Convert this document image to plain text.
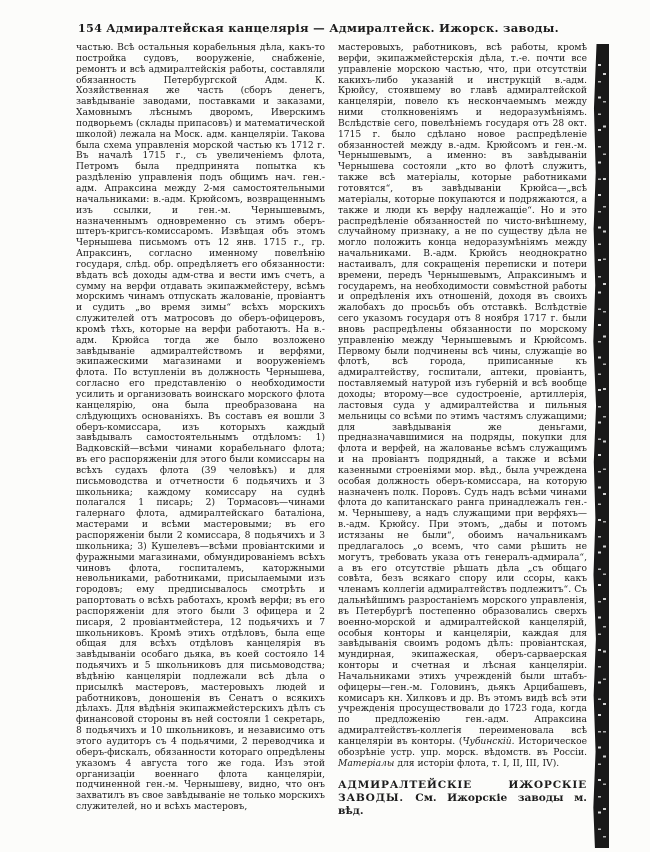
154 Адмиралтейская канцелярія — Адмиралтейск. Ижорск. заводы.

частью. Всѣ остальныя корабельныя дѣла, какъ-то постройка судовъ, вооруженіе, снабженіе, ремонтъ и всѣ адмиралтейскія работы, составляли обязанность Петербургской Адм. К. Хозяйственная же часть (сборъ денегъ, завѣдываніе заводами, поставками и заказами, Хамовнымъ лѣснымъ дворомъ, Иверскимъ подворьемъ (склады припасовъ) и математической школой) лежала на Моск. адм. канцеляріи. Такова была схема управленія морской частью къ 1712 г. Въ началѣ 1715 г., съ увеличеніемъ флота, Петромъ была предпринята попытка къ раздѣленію управленія подъ общимъ нач. ген.-адм. Апраксина между 2-мя самостоятельными начальниками: в.-адм. Крюйсомъ, возвращеннымъ изъ ссылки, и ген.-м. Чернышевымъ, назначеннымъ одновременно съ этимъ оберъ-штеръ-кригсъ-комиссаромъ. Извѣщая объ этомъ Чернышева письмомъ отъ 12 янв. 1715 г., гр. Апраксинъ, согласно именному повелѣнію государя, слѣд. обр. опредѣляетъ его обязанности: вѣдать всѣ доходы адм-ства и вести имъ счетъ, а сумму на верфи отдавать экипажмейстеру, всѣмъ морскимъ чинамъ отпускать жалованіе, провіантъ и судить „во время зимы“ всѣхъ морскихъ служителей отъ матросовъ до оберъ-офицеровъ, кромѣ тѣхъ, которые на верфи работаютъ. На в.-адм. Крюйса тогда же было возложено завѣдываніе адмиралтействомъ и верфями, экипажескими магазинами и вооруженіемъ флота. По вступленіи въ должность Чернышева, согласно его представленію о необходимости усилить и организовать воинскаго морского флота канцелярію, она была преобразована на слѣдующихъ основаніяхъ. Въ составъ ея вошли 3 оберъ-комиссара, изъ которыхъ каждый завѣдывалъ самостоятельнымъ отдѣломъ: 1) Вадковскій—всѣми чинами корабельнаго флота; въ его распоряженіи для этого были комиссары на всѣхъ судахъ флота (39 человѣкъ) и для письмоводства и отчетности 6 подьячихъ и 3 школьника; каждому комиссару на суднѣ полагался 1 писарь; 2) Тормасовъ—чинами галернаго флота, адмиралтейскаго баталіона, мастерами и всѣми мастеровыми; въ его распоряженіи были 2 комиссара, 8 подьячихъ и 3 школьника; 3) Кушелевъ—всѣми провіантскими и фуражными магазинами, обмундированіемъ всѣхъ чиновъ флота, госпиталемъ, каторжными невольниками, работниками, присылаемыми изъ городовъ; ему предписывалось смотрѣть и рапортовать о всѣхъ работахъ, кромѣ верфи; въ его распоряженіи для этого были 3 офицера и 2 писаря, 2 провіантмейстера, 12 подьячихъ и 7 школьниковъ. Кромѣ этихъ отдѣловъ, была еще общая для всѣхъ отдѣловъ канцелярія въ завѣдываніи особаго дьяка, въ коей состояло 14 подьячихъ и 5 школьниковъ для письмоводства; вѣдѣнію канцеляріи подлежали всѣ дѣла о присылкѣ мастеровъ, мастеровыхъ людей и работниковъ, доношенія въ Сенатъ о всякихъ дѣлахъ. Для вѣдѣнія экипажмейстерскихъ дѣлъ съ финансовой стороны въ ней состояли 1 секретарь, 8 подьячихъ и 10 школьниковъ, и независимо отъ этого аудиторъ съ 4 подьячими, 2 переводчика и оберъ-фискалъ, обязанности котораго опредѣлены указомъ 4 августа того же года. Изъ этой организаціи военнаго флота канцеляріи, подчиненной ген.-м. Чернышеву, видно, что онъ захватилъ въ свое завѣдываніе не только морскихъ служителей, но и всѣхъ мастеровъ,

мастеровыхъ, работниковъ, всѣ работы, кромѣ верфи, экипажмейстерскія дѣла, т.-е. почти все управленіе морскою частью, что, при отсутствіи какихъ-либо указаній и инструкцій в.-адм. Крюйсу, стоявшему во главѣ адмиралтейской канцеляріи, повело къ нескончаемымъ между ними столкновеніямъ и недоразумѣніямъ. Вслѣдствіе сего, повелѣніемъ государя отъ 28 окт. 1715 г. было сдѣлано новое распредѣленіе обязанностей между в.-адм. Крюйсомъ и ген.-м. Чернышевымъ, а именно: въ завѣдываніи Чернышева состояли „кто во флотѣ служитъ, также всѣ матеріалы, которые работниками готовятся“, въ завѣдываніи Крюйса—„всѣ матеріалы, которые покупаются и подряжаются, а также и люди къ верфу надлежащіе“. Но и это распредѣленіе обязанностей по чисто-внѣшнему, случайному признаку, а не по существу дѣла не могло положить конца недоразумѣніямъ между начальниками. В.-адм. Крюйсъ неоднократно настаивалъ, для сокращенія переписки и потери времени, передъ Чернышевымъ, Апраксинымъ и государемъ, на необходимости совмѣстной работы и опредѣленія ихъ отношеній, доходя въ своихъ жалобахъ до просьбъ объ отставкѣ. Вслѣдствіе сего указомъ государя отъ 8 ноября 1717 г. были вновь распредѣлены обязанности по морскому управленію между Чернышевымъ и Крюйсомъ. Первому были подчинены всѣ чины, служащіе во флотѣ, всѣ города, приписанные къ адмиралтейству, госпитали, аптеки, провіантъ, поставляемый натурой изъ губерній и всѣ вообще доходы; второму—все судостроеніе, артиллерія, ластовыя суда у адмиралтейства и пильныя мельницы со всѣми по этимъ частямъ служащими; для завѣдыванія же деньгами, предназначавшимися на подряды, покупки для флота и верфей, на жалованье всѣмъ служащимъ и на провіантъ подрядный, а также и всѣми казенными строеніями мор. вѣд., была учреждена особая должность оберъ-комиссара, на которую назначенъ полк. Поровъ. Судъ надъ всѣми чинами флота до капитанскаго ранга принадлежалъ ген.-м. Чернышеву, а надъ служащими при верфяхъ—в.-адм. Крюйсу. При этомъ, „дабы и потомъ истязаны не были“, обоимъ начальникамъ предлагалось „о всемъ, что сами рѣшить не могутъ, требовать указа отъ генералъ-адмирала“, а въ его отсутствіе рѣшать дѣла „съ общаго совѣта, безъ всякаго спору или ссоры, какъ членамъ коллегіи адмиралтействъ подлежитъ“. Съ дальнѣйшимъ разростаніемъ морского управленія, въ Петербургѣ постепенно образовались сверхъ военно-морской и адмиралтейской канцелярій, особыя конторы и канцеляріи, каждая для завѣдыванія своимъ родомъ дѣлъ: провіантская, мундирная, экипажеская, оберъ-сарваерская конторы и счетная и лѣсная канцеляріи. Начальниками этихъ учрежденій были штабъ-офицеры—ген.-м. Головинъ, дьякъ Арцибашевъ, комисаръ кн. Хилковъ и др. Въ этомъ видѣ всѣ эти учрежденія просуществовали до 1723 года, когда по предложенію ген.-адм. Апраксина адмиралтействъ-коллегія переименовала всѣ канцеляріи въ конторы. (Чубинскій. Историческое обозрѣніе устр. упр. морск. вѣдомств. въ Россіи. Матеріалы для исторіи флота, т. I, II, III, IV).

АДМИРАЛТЕЙСКІЕ ИЖОРСКІЕ ЗАВОДЫ. См. Ижорскіе заводы м. вѣд.
